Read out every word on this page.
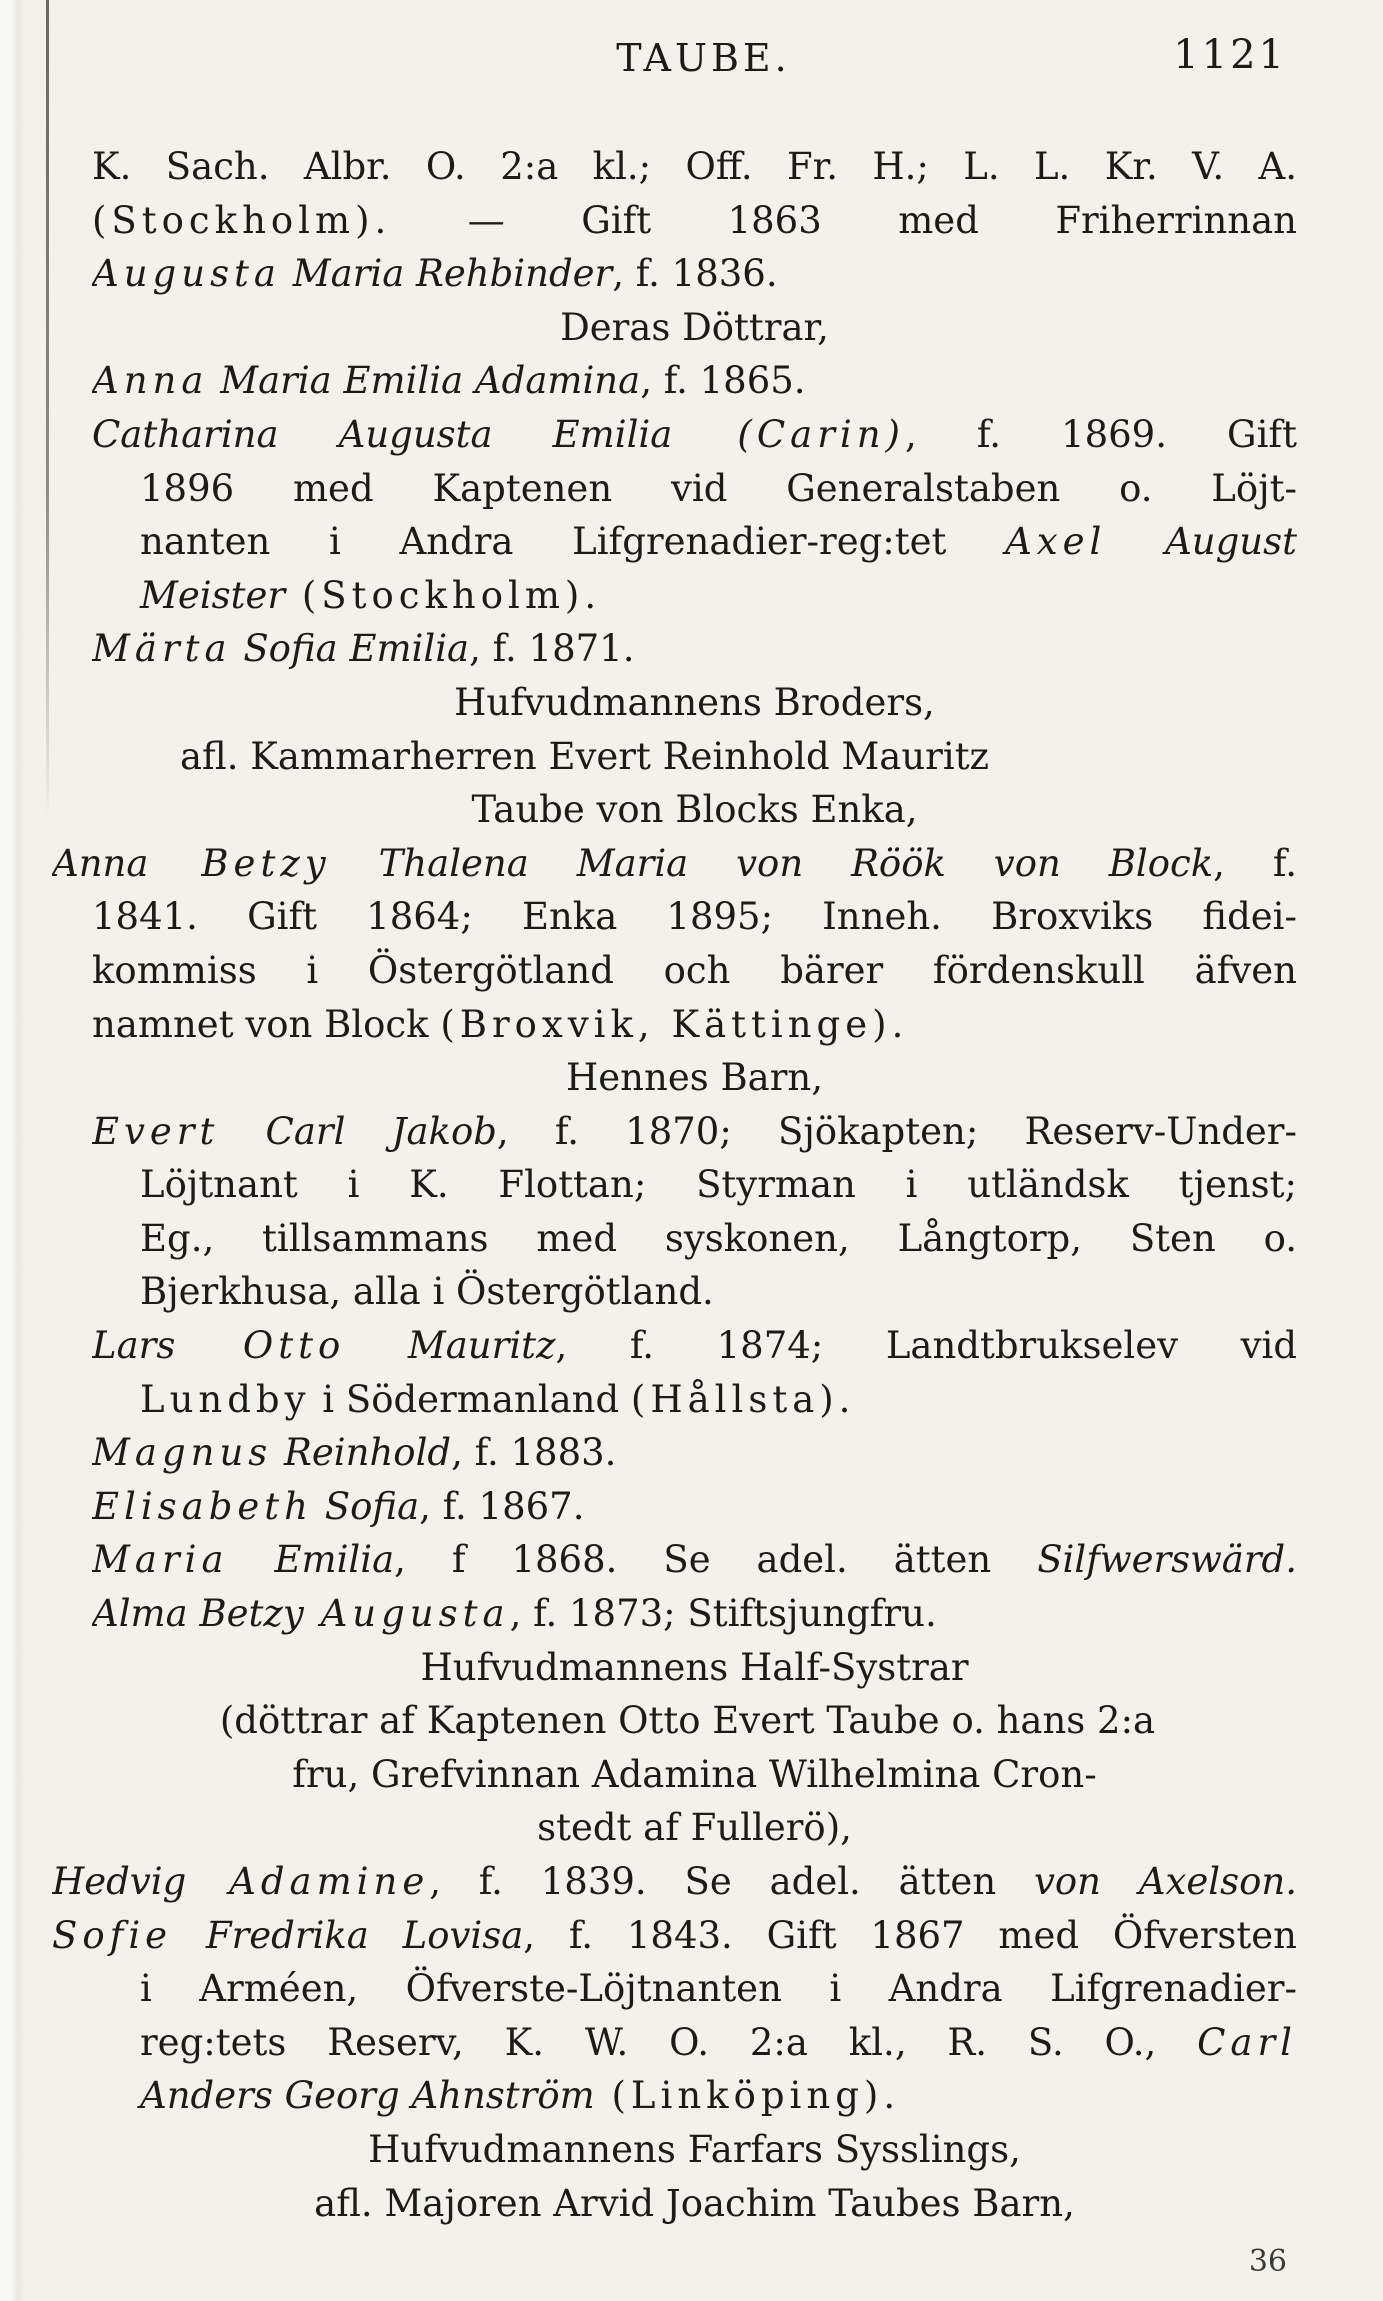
TAUBE.	1121
K. Sach. Albr. O. 2:a kl.; Off. Fr. H.; L. L. Kr. V. A.
(Stockholm). — Gift 1863 med Friherrinnan
Augusta Maria Rehbinder, f. 1836.
Deras Döttrar,
Anna Maria Emilia Adamina, f. 1865.
Catharina Augusta Emilia (Carin), f. 1869. Gift
1896 med Kaptenen vid Generalstaben o. Löjt-
nanten i Andra Lifgrenadier-reg:tet Axel August
Meister (Stockholm).
Märta Sofia Emilia, f. 1871.
Hufvudmannens Broders,
afl. Kammarherren Evert Reinhold Mauritz
Taube von Blocks Enka,
Anna Betzy Thalena Maria von Röök von Block, f.
1841. Gift 1864; Enka 1895; Inneh. Broxviks fidei-
kommiss i Östergötland och bärer fördenskull äfven
namnet von Block (Broxvik, Kättinge).
Hennes Barn,
Evert Carl Jakob, f. 1870; Sjökapten; Reserv-Under-
Löjtnant i K. Flottan; Styrman i utländsk tjenst;
Eg., tillsammans med syskonen, Långtorp, Sten o.
Bjerkhusa, alla i Östergötland.
Lars Otto Mauritz, f. 1874; Landtbrukselev vid
Lundby i Södermanland (Hållsta).
Magnus Reinhold, f. 1883.
Elisabeth Sofia, f. 1867.
Maria Emilia, f 1868. Se adel. ätten Silfwerswärd.
Alma Betzy Augusta, f. 1873; Stiftsjungfru.
Hufvudmannens Half-Systrar
(döttrar af Kaptenen Otto Evert Taube o. hans 2:a
fru, Grefvinnan Adamina Wilhelmina Cron-
stedt af Fullerö),
Hedvig Adamine, f. 1839. Se adel. ätten von Axelson.
Sofie Fredrika Lovisa, f. 1843. Gift 1867 med Öfversten
i Arméen, Öfverste-Löjtnanten i Andra Lifgrenadier-
reg:tets Reserv, K. W. O. 2:a kl., R. S. O., Carl
Anders Georg Ahnström (Linköping).
Hufvudmannens Farfars Sysslings,
afl. Majoren Arvid Joachim Taubes Barn,
36
